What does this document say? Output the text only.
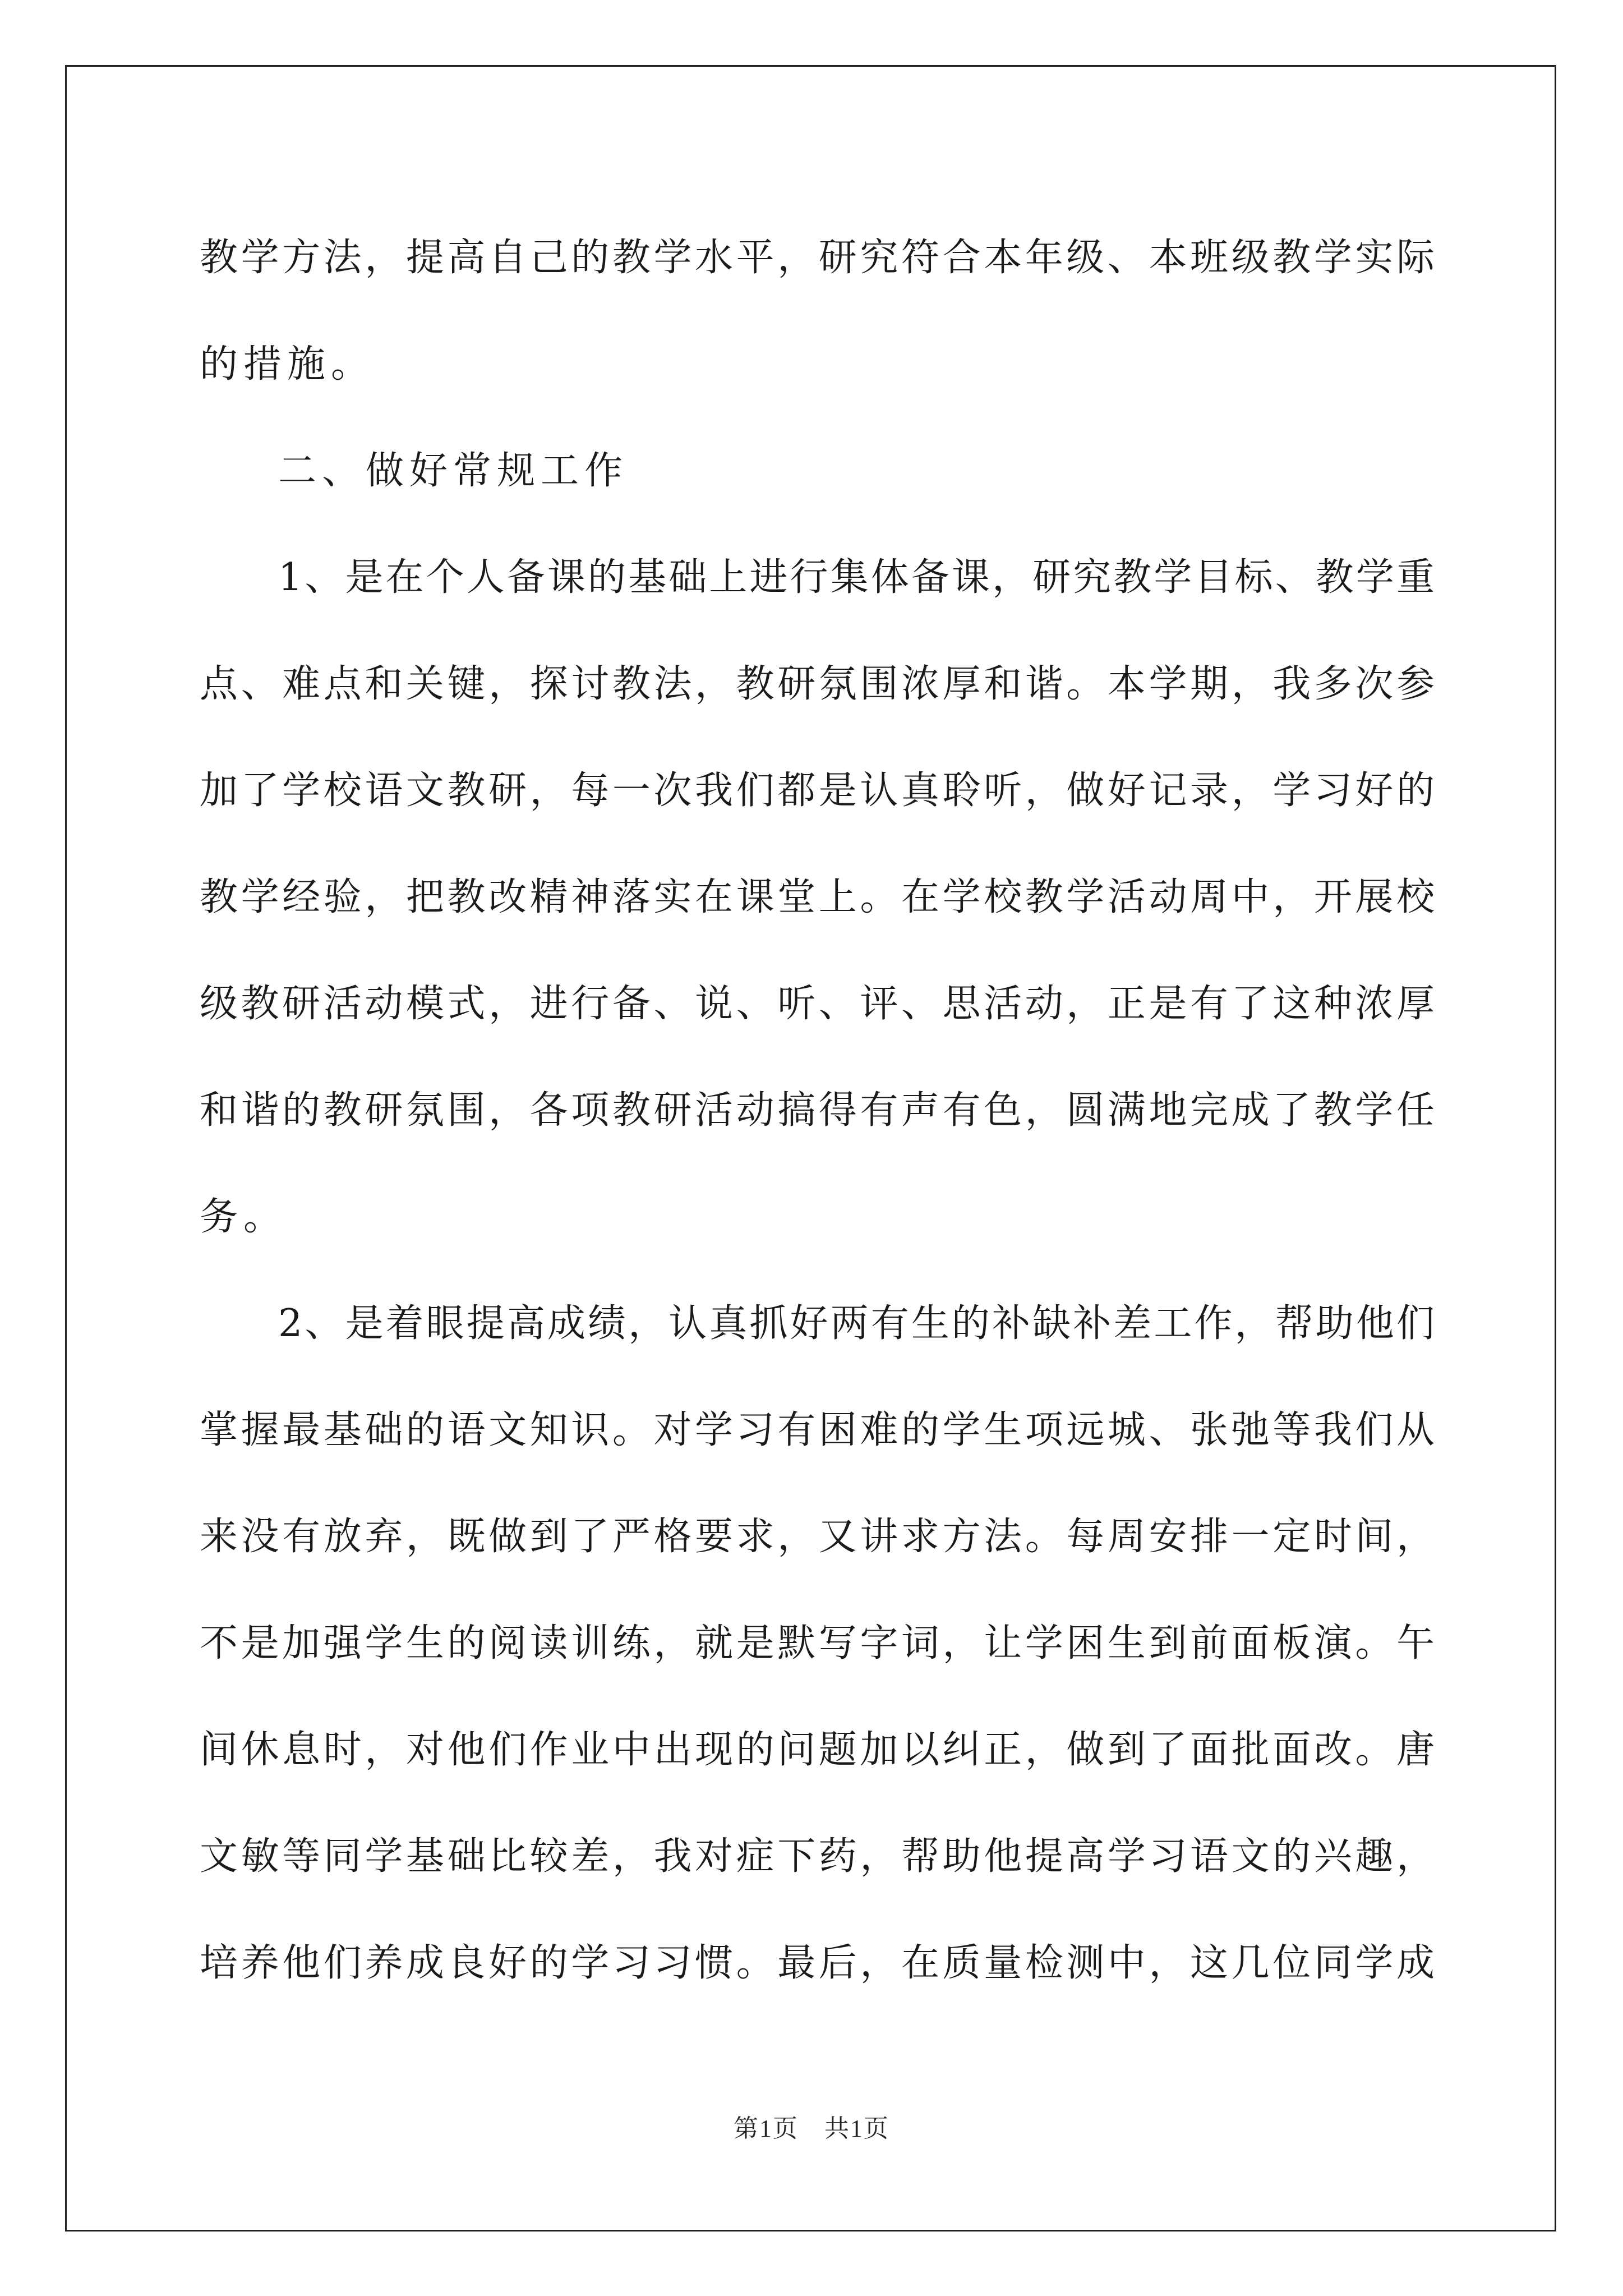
教学方法，提高自己的教学水平，研究符合本年级、本班级教学实际
的措施。
二、做好常规工作
1、是在个人备课的基础上进行集体备课，研究教学目标、教学重
点、难点和关键，探讨教法，教研氛围浓厚和谐。本学期，我多次参
加了学校语文教研，每一次我们都是认真聆听，做好记录，学习好的
教学经验，把教改精神落实在课堂上。在学校教学活动周中，开展校
级教研活动模式，进行备、说、听、评、思活动，正是有了这种浓厚
和谐的教研氛围，各项教研活动搞得有声有色，圆满地完成了教学任
务。
2、是着眼提高成绩，认真抓好两有生的补缺补差工作，帮助他们
掌握最基础的语文知识。对学习有困难的学生项远城、张弛等我们从
来没有放弃，既做到了严格要求，又讲求方法。每周安排一定时间，
不是加强学生的阅读训练，就是默写字词，让学困生到前面板演。午
间休息时，对他们作业中出现的问题加以纠正，做到了面批面改。唐
文敏等同学基础比较差，我对症下药，帮助他提高学习语文的兴趣，
培养他们养成良好的学习习惯。最后，在质量检测中，这几位同学成
第1页　共1页
